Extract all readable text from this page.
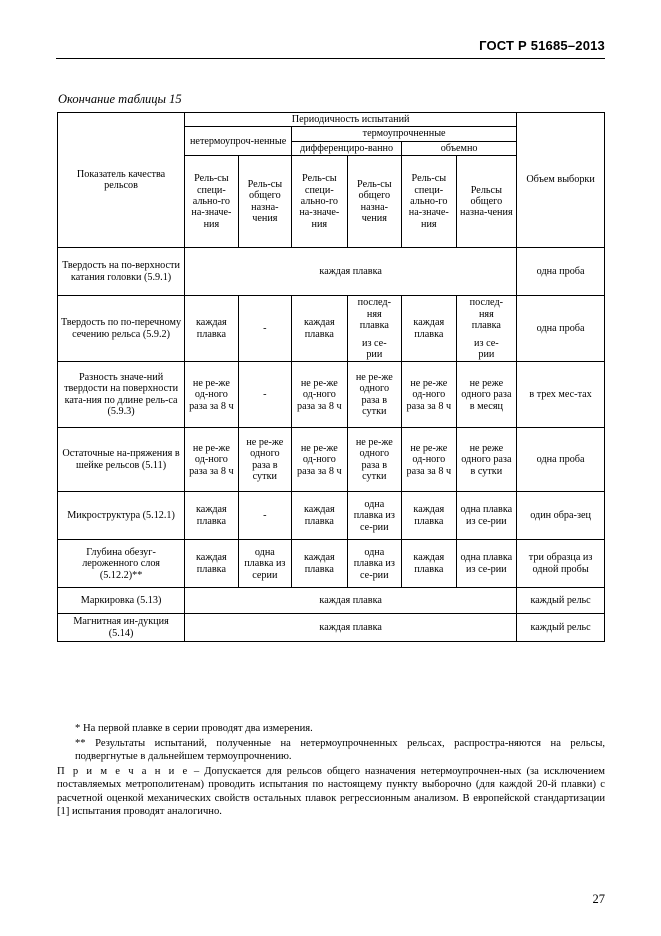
ГОСТ Р 51685–2013
Окончание таблицы 15
Показатель качества рельсов	Периодичность испытаний						Объем выборки
	нетермоупроч-ненные		термоупрочненные				
			дифференциро-ванно		объемно		
	Рель-сы специ-ально-го на-значе-ния	Рель-сы общего назна-чения	Рель-сы специ-ально-го на-значе-ния	Рель-сы общего назна-чения	Рель-сы специ-ально-го на-значе-ния	Рельсы общего назна-чения	
Твердость на по-верхности катания головки (5.9.1)	каждая плавка						одна проба
Твердость по по-перечному сечению рельса (5.9.2)	каждая плавка	-	каждая плавка	послед-
няя
плавка
из се-
рии	каждая плавка	послед-
няя
плавка
из се-
рии	одна проба
Разность значе-ний твердости на поверхности ката-ния по длине рель-са (5.9.3)	не ре-же од-ного раза за 8 ч	-	не ре-же од-ного раза за 8 ч	не ре-же одного раза в сутки	не ре-же од-ного раза за 8 ч	не реже одного раза в месяц	в трех мес-тах
Остаточные на-пряжения в шейке рельсов (5.11)	не ре-же од-ного раза за 8 ч	не ре-же одного раза в сутки	не ре-же од-ного раза за 8 ч	не ре-же одного раза в сутки	не ре-же од-ного раза за 8 ч	не реже одного раза в сутки	одна проба
Микроструктура (5.12.1)	каждая плавка	-	каждая плавка	одна плавка из се-рии	каждая плавка	одна плавка из се-рии	один обра-зец
Глубина обезуг-лероженного слоя (5.12.2)**	каждая плавка	одна плавка из серии	каждая плавка	одна плавка из се-рии	каждая плавка	одна плавка из се-рии	три образца из одной пробы
Маркировка (5.13)	каждая плавка						каждый рельс
Магнитная ин-дукция (5.14)	каждая плавка						каждый рельс

* На первой плавке в серии проводят два измерения.

** Результаты испытаний, полученные на нетермоупрочненных рельсах, распростра-няются на рельсы, подвергнутые в дальнейшем термоупрочнению.

П р и м е ч а н и е – Допускается для рельсов общего назначения нетермоупрочнен-ных (за исключением поставляемых метрополитенам) проводить испытания по настоящему пункту выборочно (для каждой 20-й плавки) с расчетной оценкой механических свойств остальных плавок регрессионным анализом. В европейской стандартизации [1] испытания проводят аналогично.

27
